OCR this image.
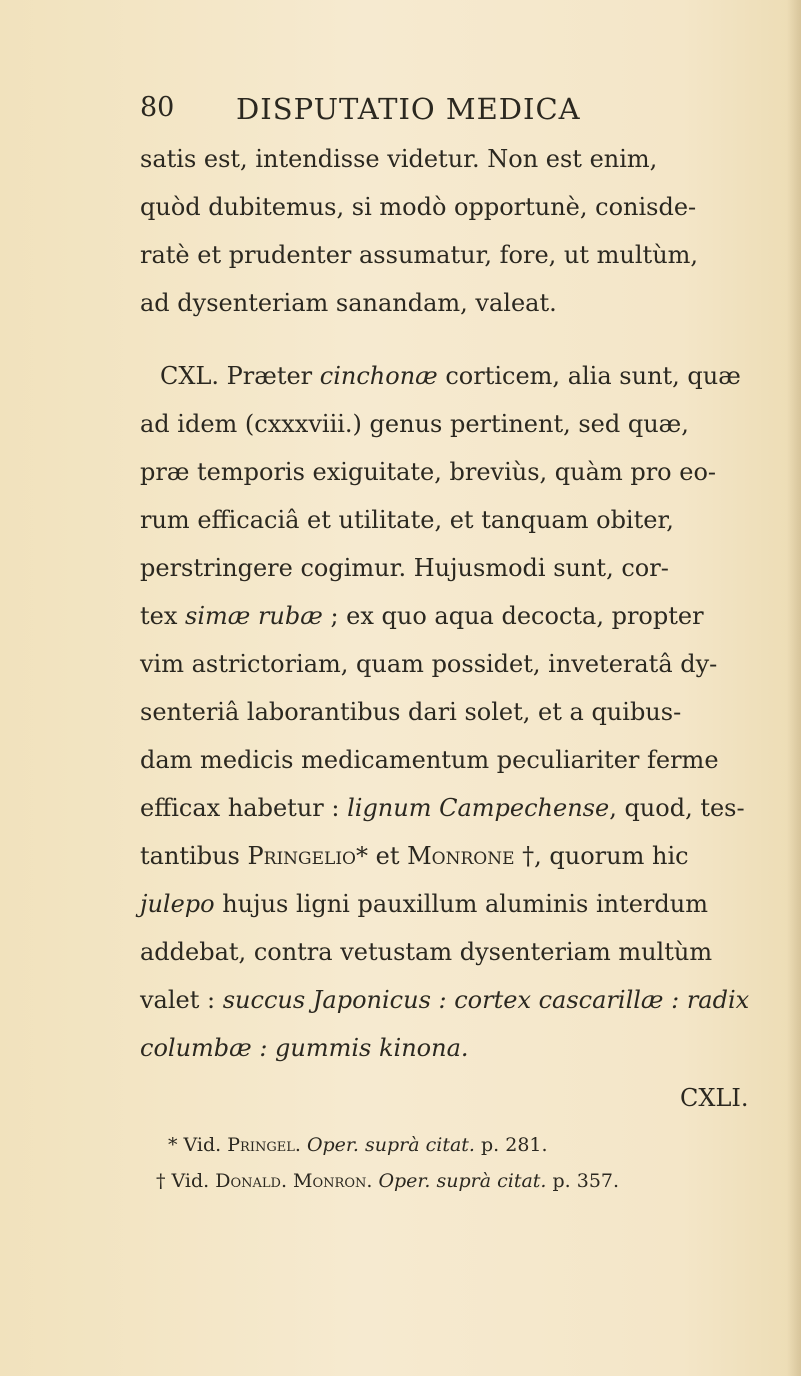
80 DISPUTATIO MEDICA
satis est, intendisse videtur. Non est enim,
quòd dubitemus, si modò opportunè, conisde-
ratè et prudenter assumatur, fore, ut multùm,
ad dysenteriam sanandam, valeat.
CXL. Præter cinchonæ corticem, alia sunt, quæ
ad idem (cxxxviii.) genus pertinent, sed quæ,
præ temporis exiguitate, breviùs, quàm pro eo-
rum efficaciâ et utilitate, et tanquam obiter,
perstringere cogimur. Hujusmodi sunt, cor-
tex simæ rubæ ; ex quo aqua decocta, propter
vim astrictoriam, quam possidet, inveteratâ dy-
senteriâ laborantibus dari solet, et a quibus-
dam medicis medicamentum peculiariter ferme
efficax habetur : lignum Campechense, quod, tes-
tantibus Pringelio* et Monrone †, quorum hic
julepo hujus ligni pauxillum aluminis interdum
addebat, contra vetustam dysenteriam multùm
valet : succus Japonicus : cortex cascarillæ : radix
columbæ : gummis kinona.
CXLI.
* Vid. Pringel. Oper. suprà citat. p. 281.
† Vid. Donald. Monron. Oper. suprà citat. p. 357.
